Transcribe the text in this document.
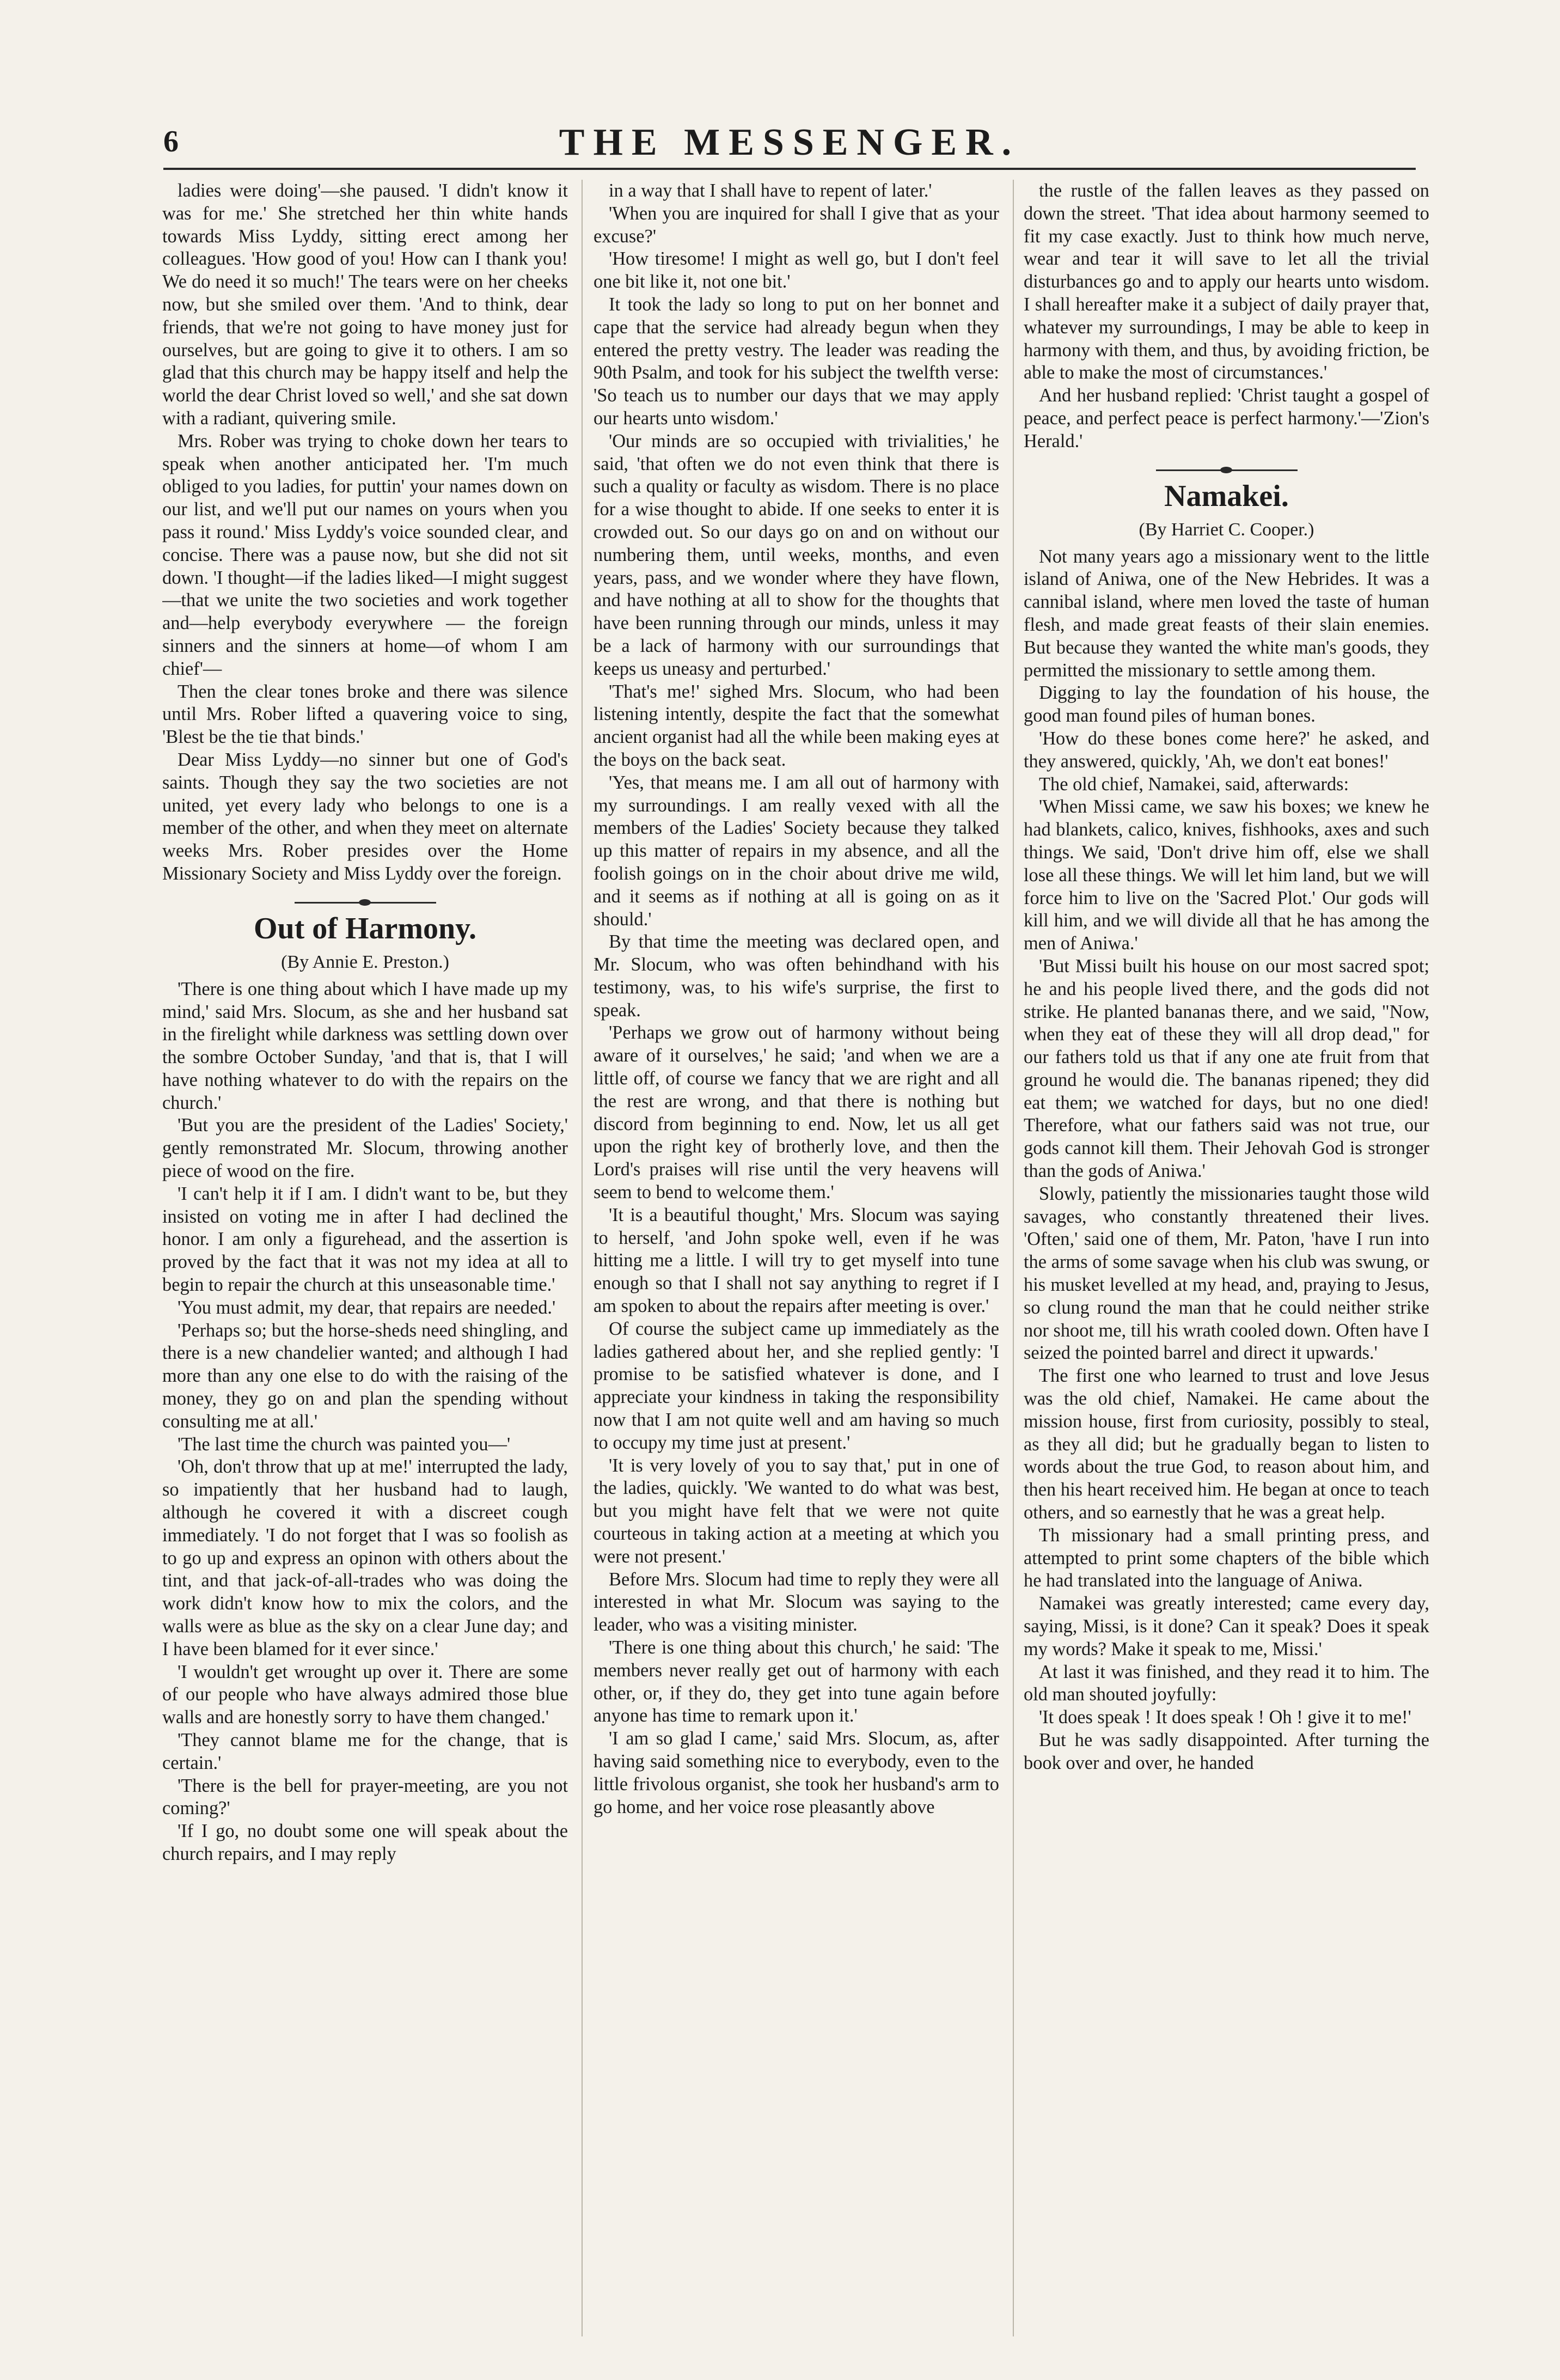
6	THE MESSENGER.

ladies were doing'—she paused. 'I didn't know it was for me.' She stretched her thin white hands towards Miss Lyddy, sitting erect among her colleagues. 'How good of you! How can I thank you! We do need it so much!' The tears were on her cheeks now, but she smiled over them. 'And to think, dear friends, that we're not going to have money just for ourselves, but are going to give it to others. I am so glad that this church may be happy itself and help the world the dear Christ loved so well,' and she sat down with a radiant, quivering smile.

Mrs. Rober was trying to choke down her tears to speak when another anticipated her. 'I'm much obliged to you ladies, for puttin' your names down on our list, and we'll put our names on yours when you pass it round.' Miss Lyddy's voice sounded clear, and concise. There was a pause now, but she did not sit down. 'I thought—if the ladies liked—I might suggest—that we unite the two societies and work together and—help everybody everywhere — the foreign sinners and the sinners at home—of whom I am chief'—

Then the clear tones broke and there was silence until Mrs. Rober lifted a quavering voice to sing, 'Blest be the tie that binds.'

Dear Miss Lyddy—no sinner but one of God's saints. Though they say the two societies are not united, yet every lady who belongs to one is a member of the other, and when they meet on alternate weeks Mrs. Rober presides over the Home Missionary Society and Miss Lyddy over the foreign.

Out of Harmony.
(By Annie E. Preston.)

'There is one thing about which I have made up my mind,' said Mrs. Slocum, as she and her husband sat in the firelight while darkness was settling down over the sombre October Sunday, 'and that is, that I will have nothing whatever to do with the repairs on the church.'

'But you are the president of the Ladies' Society,' gently remonstrated Mr. Slocum, throwing another piece of wood on the fire.

'I can't help it if I am. I didn't want to be, but they insisted on voting me in after I had declined the honor. I am only a figurehead, and the assertion is proved by the fact that it was not my idea at all to begin to repair the church at this unseasonable time.'

'You must admit, my dear, that repairs are needed.'

'Perhaps so; but the horse-sheds need shingling, and there is a new chandelier wanted; and although I had more than any one else to do with the raising of the money, they go on and plan the spending without consulting me at all.'

'The last time the church was painted you—'

'Oh, don't throw that up at me!' interrupted the lady, so impatiently that her husband had to laugh, although he covered it with a discreet cough immediately. 'I do not forget that I was so foolish as to go up and express an opinon with others about the tint, and that jack-of-all-trades who was doing the work didn't know how to mix the colors, and the walls were as blue as the sky on a clear June day; and I have been blamed for it ever since.'

'I wouldn't get wrought up over it. There are some of our people who have always admired those blue walls and are honestly sorry to have them changed.'

'They cannot blame me for the change, that is certain.'

'There is the bell for prayer-meeting, are you not coming?'

'If I go, no doubt some one will speak about the church repairs, and I may reply

in a way that I shall have to repent of later.'

'When you are inquired for shall I give that as your excuse?'

'How tiresome! I might as well go, but I don't feel one bit like it, not one bit.'

It took the lady so long to put on her bonnet and cape that the service had already begun when they entered the pretty vestry. The leader was reading the 90th Psalm, and took for his subject the twelfth verse: 'So teach us to number our days that we may apply our hearts unto wisdom.'

'Our minds are so occupied with trivialities,' he said, 'that often we do not even think that there is such a quality or faculty as wisdom. There is no place for a wise thought to abide. If one seeks to enter it is crowded out. So our days go on and on without our numbering them, until weeks, months, and even years, pass, and we wonder where they have flown, and have nothing at all to show for the thoughts that have been running through our minds, unless it may be a lack of harmony with our surroundings that keeps us uneasy and perturbed.'

'That's me!' sighed Mrs. Slocum, who had been listening intently, despite the fact that the somewhat ancient organist had all the while been making eyes at the boys on the back seat.

'Yes, that means me. I am all out of harmony with my surroundings. I am really vexed with all the members of the Ladies' Society because they talked up this matter of repairs in my absence, and all the foolish goings on in the choir about drive me wild, and it seems as if nothing at all is going on as it should.'

By that time the meeting was declared open, and Mr. Slocum, who was often behindhand with his testimony, was, to his wife's surprise, the first to speak.

'Perhaps we grow out of harmony without being aware of it ourselves,' he said; 'and when we are a little off, of course we fancy that we are right and all the rest are wrong, and that there is nothing but discord from beginning to end. Now, let us all get upon the right key of brotherly love, and then the Lord's praises will rise until the very heavens will seem to bend to welcome them.'

'It is a beautiful thought,' Mrs. Slocum was saying to herself, 'and John spoke well, even if he was hitting me a little. I will try to get myself into tune enough so that I shall not say anything to regret if I am spoken to about the repairs after meeting is over.'

Of course the subject came up immediately as the ladies gathered about her, and she replied gently: 'I promise to be satisfied whatever is done, and I appreciate your kindness in taking the responsibility now that I am not quite well and am having so much to occupy my time just at present.'

'It is very lovely of you to say that,' put in one of the ladies, quickly. 'We wanted to do what was best, but you might have felt that we were not quite courteous in taking action at a meeting at which you were not present.'

Before Mrs. Slocum had time to reply they were all interested in what Mr. Slocum was saying to the leader, who was a visiting minister.

'There is one thing about this church,' he said: 'The members never really get out of harmony with each other, or, if they do, they get into tune again before anyone has time to remark upon it.'

'I am so glad I came,' said Mrs. Slocum, as, after having said something nice to everybody, even to the little frivolous organist, she took her husband's arm to go home, and her voice rose pleasantly above

the rustle of the fallen leaves as they passed on down the street. 'That idea about harmony seemed to fit my case exactly. Just to think how much nerve, wear and tear it will save to let all the trivial disturbances go and to apply our hearts unto wisdom. I shall hereafter make it a subject of daily prayer that, whatever my surroundings, I may be able to keep in harmony with them, and thus, by avoiding friction, be able to make the most of circumstances.'

And her husband replied: 'Christ taught a gospel of peace, and perfect peace is perfect harmony.'—'Zion's Herald.'

Namakei.
(By Harriet C. Cooper.)

Not many years ago a missionary went to the little island of Aniwa, one of the New Hebrides. It was a cannibal island, where men loved the taste of human flesh, and made great feasts of their slain enemies. But because they wanted the white man's goods, they permitted the missionary to settle among them.

Digging to lay the foundation of his house, the good man found piles of human bones.

'How do these bones come here?' he asked, and they answered, quickly, 'Ah, we don't eat bones!'

The old chief, Namakei, said, afterwards:

'When Missi came, we saw his boxes; we knew he had blankets, calico, knives, fishhooks, axes and such things. We said, 'Don't drive him off, else we shall lose all these things. We will let him land, but we will force him to live on the 'Sacred Plot.' Our gods will kill him, and we will divide all that he has among the men of Aniwa.'

'But Missi built his house on our most sacred spot; he and his people lived there, and the gods did not strike. He planted bananas there, and we said, "Now, when they eat of these they will all drop dead," for our fathers told us that if any one ate fruit from that ground he would die. The bananas ripened; they did eat them; we watched for days, but no one died! Therefore, what our fathers said was not true, our gods cannot kill them. Their Jehovah God is stronger than the gods of Aniwa.'

Slowly, patiently the missionaries taught those wild savages, who constantly threatened their lives. 'Often,' said one of them, Mr. Paton, 'have I run into the arms of some savage when his club was swung, or his musket levelled at my head, and, praying to Jesus, so clung round the man that he could neither strike nor shoot me, till his wrath cooled down. Often have I seized the pointed barrel and direct it upwards.'

The first one who learned to trust and love Jesus was the old chief, Namakei. He came about the mission house, first from curiosity, possibly to steal, as they all did; but he gradually began to listen to words about the true God, to reason about him, and then his heart received him. He began at once to teach others, and so earnestly that he was a great help.

Th missionary had a small printing press, and attempted to print some chapters of the bible which he had translated into the language of Aniwa.

Namakei was greatly interested; came every day, saying, Missi, is it done? Can it speak? Does it speak my words? Make it speak to me, Missi.'

At last it was finished, and they read it to him. The old man shouted joyfully:

'It does speak ! It does speak ! Oh ! give it to me!'

But he was sadly disappointed. After turning the book over and over, he handed
